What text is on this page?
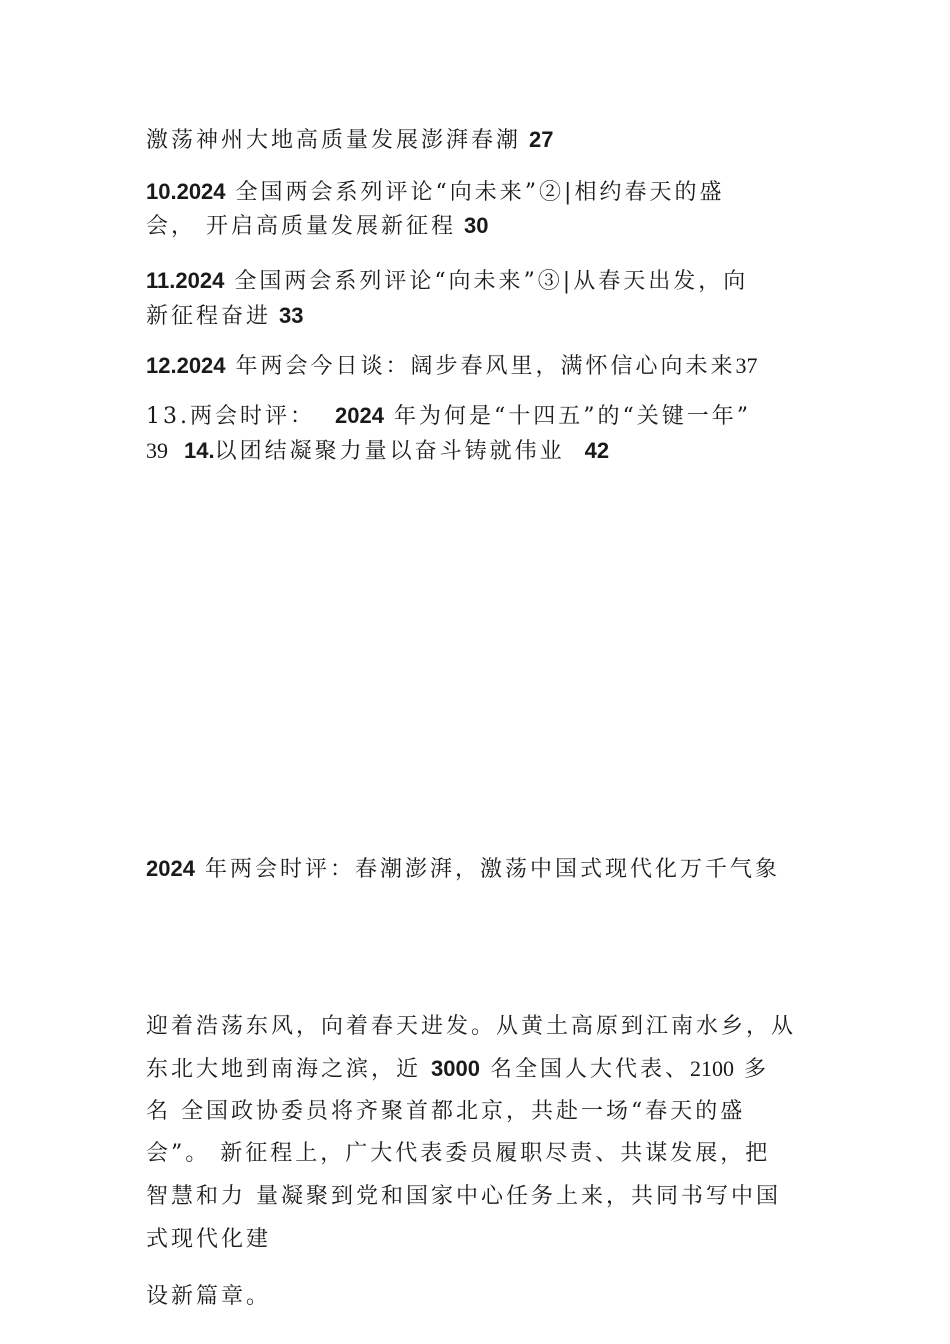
激荡神州大地高质量发展澎湃春潮 27
10.2024 全国两会系列评论“向未来”②|相约春天的盛
会， 开启高质量发展新征程 30
11.2024 全国两会系列评论“向未来”③|从春天出发，向
新征程奋进 33
12.2024 年两会今日谈：阔步春风里，满怀信心向未来37
13.两会时评： 2024 年为何是“十四五”的“关键一年”
39 14.以团结凝聚力量以奋斗铸就伟业 42
2024 年两会时评：春潮澎湃，激荡中国式现代化万千气象
迎着浩荡东风，向着春天进发。从黄土高原到江南水乡，从
东北大地到南海之滨，近 3000 名全国人大代表、2100 多
名 全国政协委员将齐聚首都北京，共赴一场“春天的盛
会”。 新征程上，广大代表委员履职尽责、共谋发展，把
智慧和力 量凝聚到党和国家中心任务上来，共同书写中国
式现代化建
设新篇章。
